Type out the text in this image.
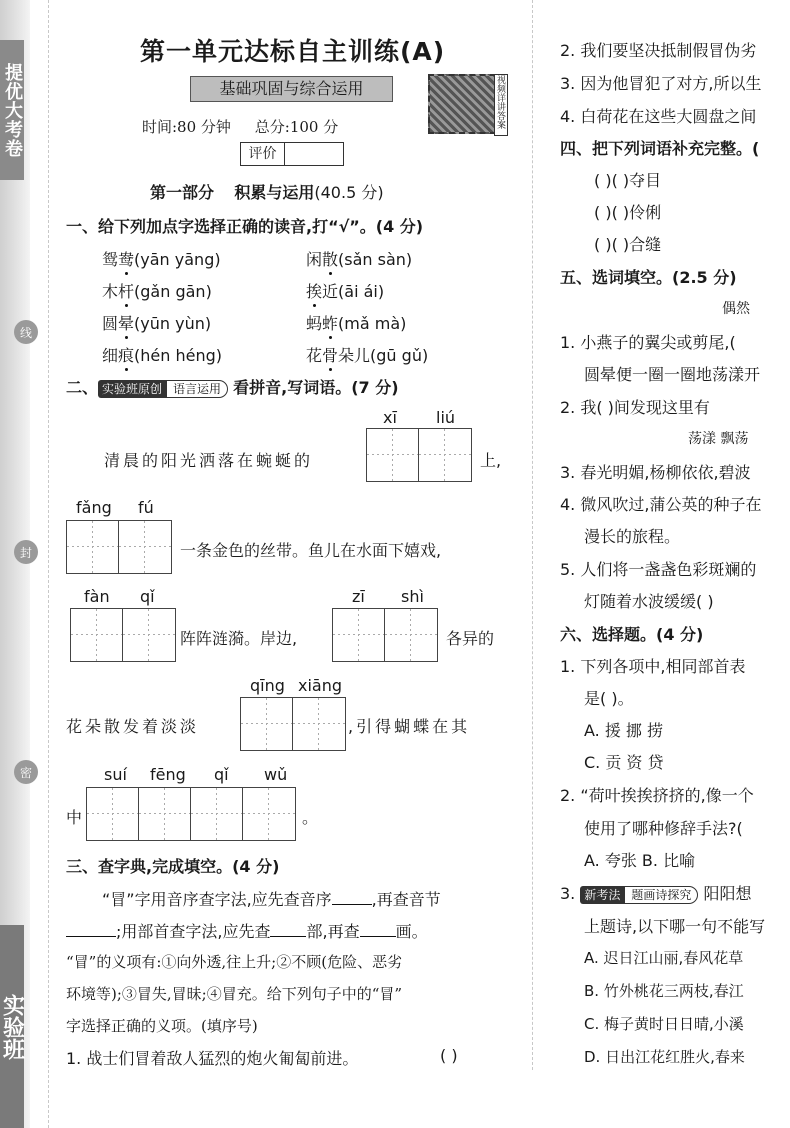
提优大考卷
实验班
线
封
密
第一单元达标自主训练(A)
基础巩固与综合运用	视频详讲答案
时间:80 分钟 总分:100 分
评价
第一部分 积累与运用(40.5 分)
一、给下列加点字选择正确的读音,打“√”。(4 分)
鸳鸯(yān yāng)	闲散(sǎn sàn)
木杆(gǎn gān)	挨近(āi ái)
圆晕(yūn yùn)	蚂蚱(mǎ mà)
细痕(hén héng)	花骨朵儿(gū gǔ)
二、 实验班原创 语言运用 看拼音,写词语。(7 分)
xī liú
清晨的阳光洒落在蜿蜒的	上,
fǎng fú
一条金色的丝带。鱼儿在水面下嬉戏,
fàn qǐ
阵阵涟漪。岸边,
zī shì
各异的
qīng xiāng
花朵散发着淡淡	,引得蝴蝶在其
suí fēng qǐ wǔ
中	。
三、查字典,完成填空。(4 分)
“冒”字用音序查字法,应先查音序	,再查音节
;用部首查字法,应先查 部,再查 画。
“冒”的义项有:①向外透,往上升;②不顾(危险、恶劣
环境等);③冒失,冒昧;④冒充。给下列句子中的“冒”
字选择正确的义项。(填序号)
1. 战士们冒着敌人猛烈的炮火匍匐前进。	( )
2. 我们要坚决抵制假冒伪劣
3. 因为他冒犯了对方,所以生
4. 白荷花在这些大圆盘之间
四、把下列词语补充完整。(
( )( )夺目
( )( )伶俐
( )( )合缝
五、选词填空。(2.5 分)
偶然
1. 小燕子的翼尖或剪尾,(
圆晕便一圈一圈地荡漾开
2. 我( )间发现这里有
荡漾 飘荡
3. 春光明媚,杨柳依依,碧波
4. 微风吹过,蒲公英的种子在
漫长的旅程。
5. 人们将一盏盏色彩斑斓的
灯随着水波缓缓( )
六、选择题。(4 分)
1. 下列各项中,相同部首表
是( )。
A. 援 挪 捞
C. 贡 资 贷
2. “荷叶挨挨挤挤的,像一个
使用了哪种修辞手法?(
A. 夸张 B. 比喻
3. 新考法 题画诗探究 阳阳想
上题诗,以下哪一句不能写
A. 迟日江山丽,春风花草
B. 竹外桃花三两枝,春江
C. 梅子黄时日日晴,小溪
D. 日出江花红胜火,春来
